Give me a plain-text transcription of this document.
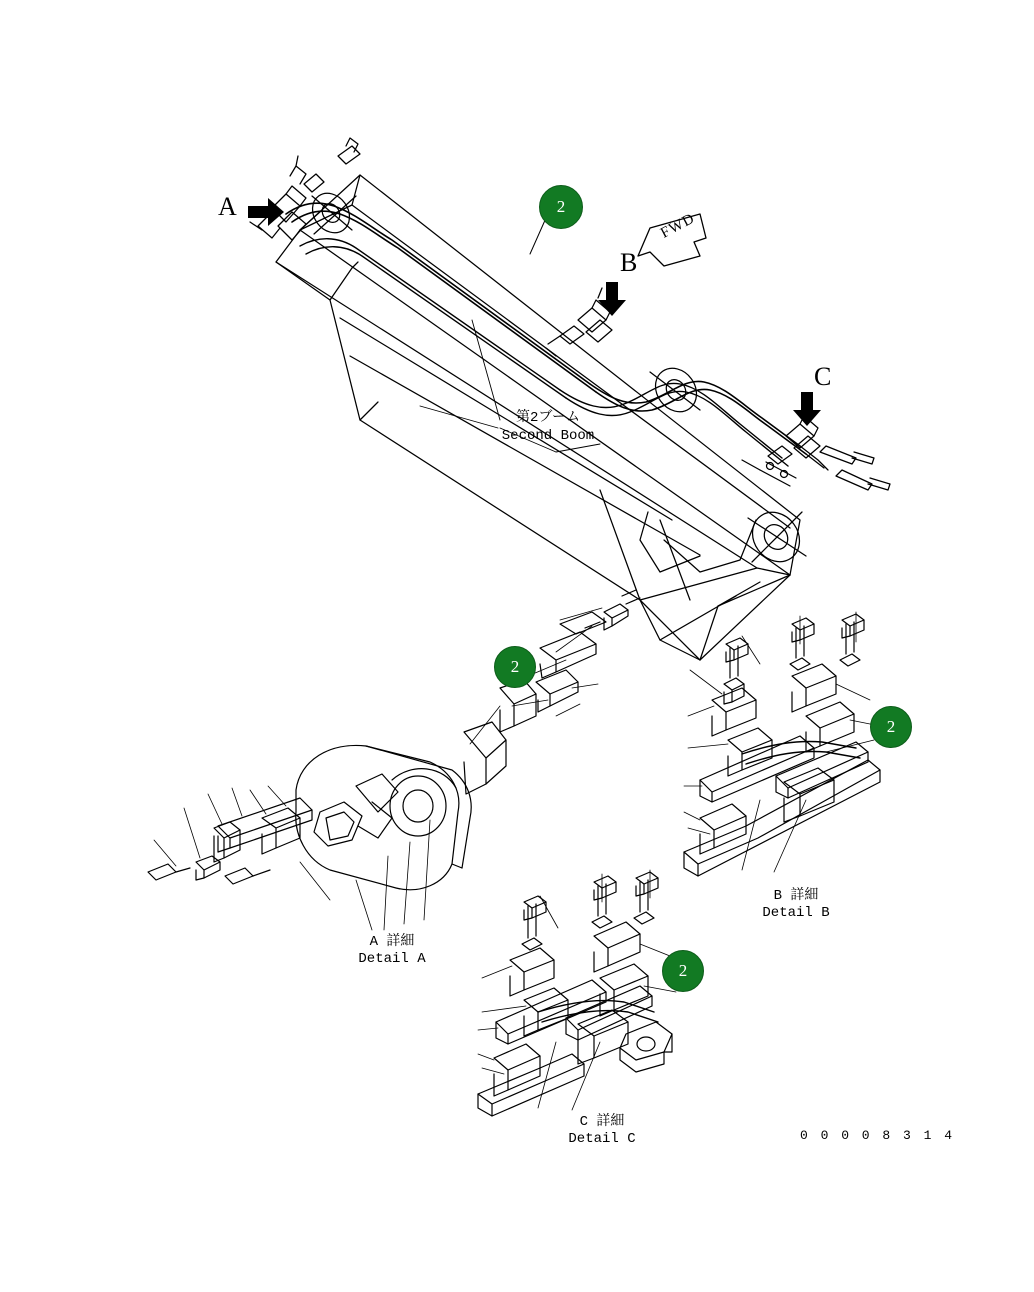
A
B
C
FWD
第2ブーム
Second Boom
A 詳細
Detail A
B 詳細
Detail B
C 詳細
Detail C
2
2
2
2
0 0 0 0 8 3 1 4
